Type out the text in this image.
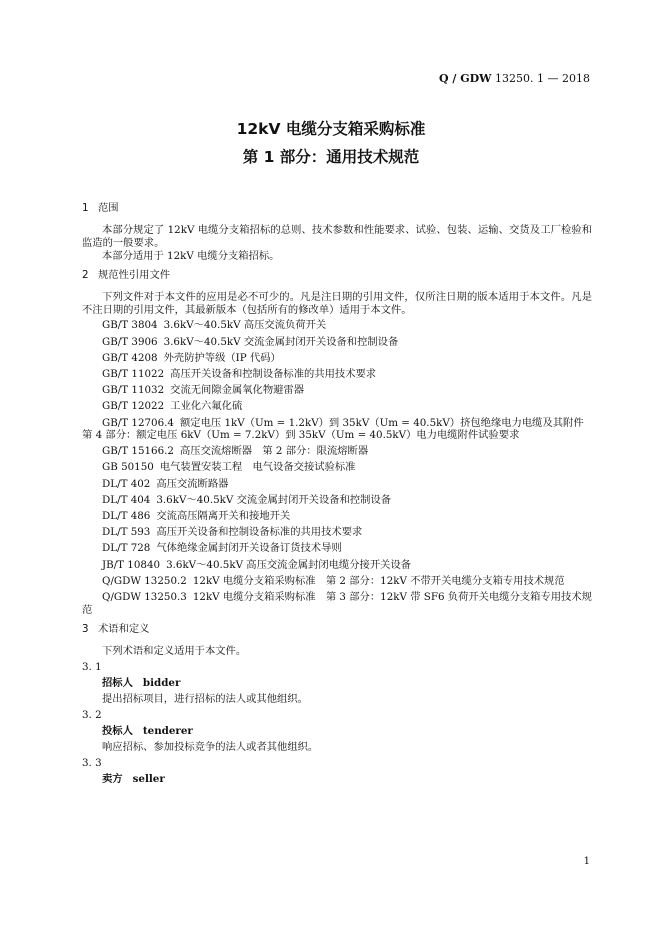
Q / GDW 13250. 1 — 2018
12kV 电缆分支箱采购标准
第 1 部分：通用技术规范

1 范围

本部分规定了 12kV 电缆分支箱招标的总则、技术参数和性能要求、试验、包装、运输、交货及工厂检验和监造的一般要求。

本部分适用于 12kV 电缆分支箱招标。

2 规范性引用文件

下列文件对于本文件的应用是必不可少的。凡是注日期的引用文件，仅所注日期的版本适用于本文件。凡是不注日期的引用文件，其最新版本（包括所有的修改单）适用于本文件。

GB/T 3804 3.6kV～40.5kV 高压交流负荷开关

GB/T 3906 3.6kV～40.5kV 交流金属封闭开关设备和控制设备

GB/T 4208 外壳防护等级（IP 代码）

GB/T 11022 高压开关设备和控制设备标准的共用技术要求

GB/T 11032 交流无间隙金属氧化物避雷器

GB/T 12022 工业化六氟化硫

GB/T 12706.4 额定电压 1kV（Um = 1.2kV）到 35kV（Um = 40.5kV）挤包绝缘电力电缆及其附件　第 4 部分：额定电压 6kV（Um = 7.2kV）到 35kV（Um = 40.5kV）电力电缆附件试验要求

GB/T 15166.2 高压交流熔断器　第 2 部分：限流熔断器

GB 50150 电气装置安装工程　电气设备交接试验标准

DL/T 402 高压交流断路器

DL/T 404 3.6kV～40.5kV 交流金属封闭开关设备和控制设备

DL/T 486 交流高压隔离开关和接地开关

DL/T 593 高压开关设备和控制设备标准的共用技术要求

DL/T 728 气体绝缘金属封闭开关设备订货技术导则

JB/T 10840 3.6kV～40.5kV 高压交流金属封闭电缆分接开关设备

Q/GDW 13250.2 12kV 电缆分支箱采购标准　第 2 部分：12kV 不带开关电缆分支箱专用技术规范

Q/GDW 13250.3 12kV 电缆分支箱采购标准　第 3 部分：12kV 带 SF6 负荷开关电缆分支箱专用技术规范

3 术语和定义

下列术语和定义适用于本文件。

3. 1

招标人 bidder

提出招标项目，进行招标的法人或其他组织。

3. 2

投标人 tenderer

响应招标、参加投标竞争的法人或者其他组织。

3. 3

卖方 seller

1
